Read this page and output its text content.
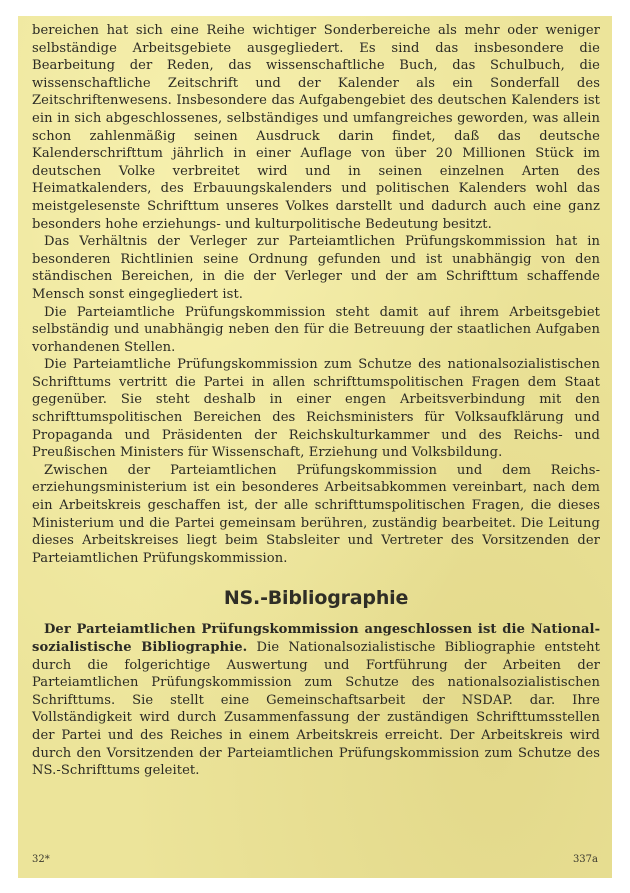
bereichen hat sich eine Reihe wichtiger Sonderbereiche als mehr oder weniger selbständige Arbeitsgebiete ausgegliedert. Es sind das insbesondere die Bearbeitung der Reden, das wissenschaftliche Buch, das Schulbuch, die wissenschaftliche Zeitschrift und der Kalender als ein Sonderfall des Zeitschriftenwesens. Insbesondere das Aufgabengebiet des deutschen Kalenders ist ein in sich abgeschlossenes, selbständiges und umfangreiches geworden, was allein schon zahlenmäßig seinen Ausdruck darin findet, daß das deutsche Kalenderschrifttum jährlich in einer Auflage von über 20 Millionen Stück im deutschen Volke verbreitet wird und in seinen einzelnen Arten des Heimatkalenders, des Erbauungskalenders und politischen Kalenders wohl das meistgelesenste Schrifttum unseres Volkes darstellt und dadurch auch eine ganz besonders hohe erziehungs- und kulturpolitische Bedeutung besitzt.

Das Verhältnis der Verleger zur Parteiamtlichen Prüfungskommission hat in besonderen Richtlinien seine Ordnung gefunden und ist unabhängig von den ständischen Bereichen, in die der Verleger und der am Schrifttum schaffende Mensch sonst eingegliedert ist.

Die Parteiamtliche Prüfungskommission steht damit auf ihrem Arbeitsgebiet selbständig und unabhängig neben den für die Betreuung der staatlichen Aufgaben vorhandenen Stellen.

Die Parteiamtliche Prüfungskommission zum Schutze des nationalsozialistischen Schrifttums vertritt die Partei in allen schrifttumspolitischen Fragen dem Staat gegenüber. Sie steht deshalb in einer engen Arbeitsverbindung mit den schrifttumspolitischen Bereichen des Reichsministers für Volksaufklärung und Propaganda und Präsidenten der Reichskulturkammer und des Reichs- und Preußischen Ministers für Wissenschaft, Erziehung und Volksbildung.

Zwischen der Parteiamtlichen Prüfungskommission und dem Reichserziehungsministerium ist ein besonderes Arbeitsabkommen vereinbart, nach dem ein Arbeitskreis geschaffen ist, der alle schrifttumspolitischen Fragen, die dieses Ministerium und die Partei gemeinsam berühren, zuständig bearbeitet. Die Leitung dieses Arbeitskreises liegt beim Stabsleiter und Vertreter des Vorsitzenden der Parteiamtlichen Prüfungskommission.

NS.-Bibliographie

Der Parteiamtlichen Prüfungskommission angeschlossen ist die Nationalsozialistische Bibliographie. Die Nationalsozialistische Bibliographie entsteht durch die folgerichtige Auswertung und Fortführung der Arbeiten der Parteiamtlichen Prüfungskommission zum Schutze des nationalsozialistischen Schrifttums. Sie stellt eine Gemeinschaftsarbeit der NSDAP. dar. Ihre Vollständigkeit wird durch Zusammenfassung der zuständigen Schrifttumsstellen der Partei und des Reiches in einem Arbeitskreis erreicht. Der Arbeitskreis wird durch den Vorsitzenden der Parteiamtlichen Prüfungskommission zum Schutze des NS.-Schrifttums geleitet.

32*	337a
